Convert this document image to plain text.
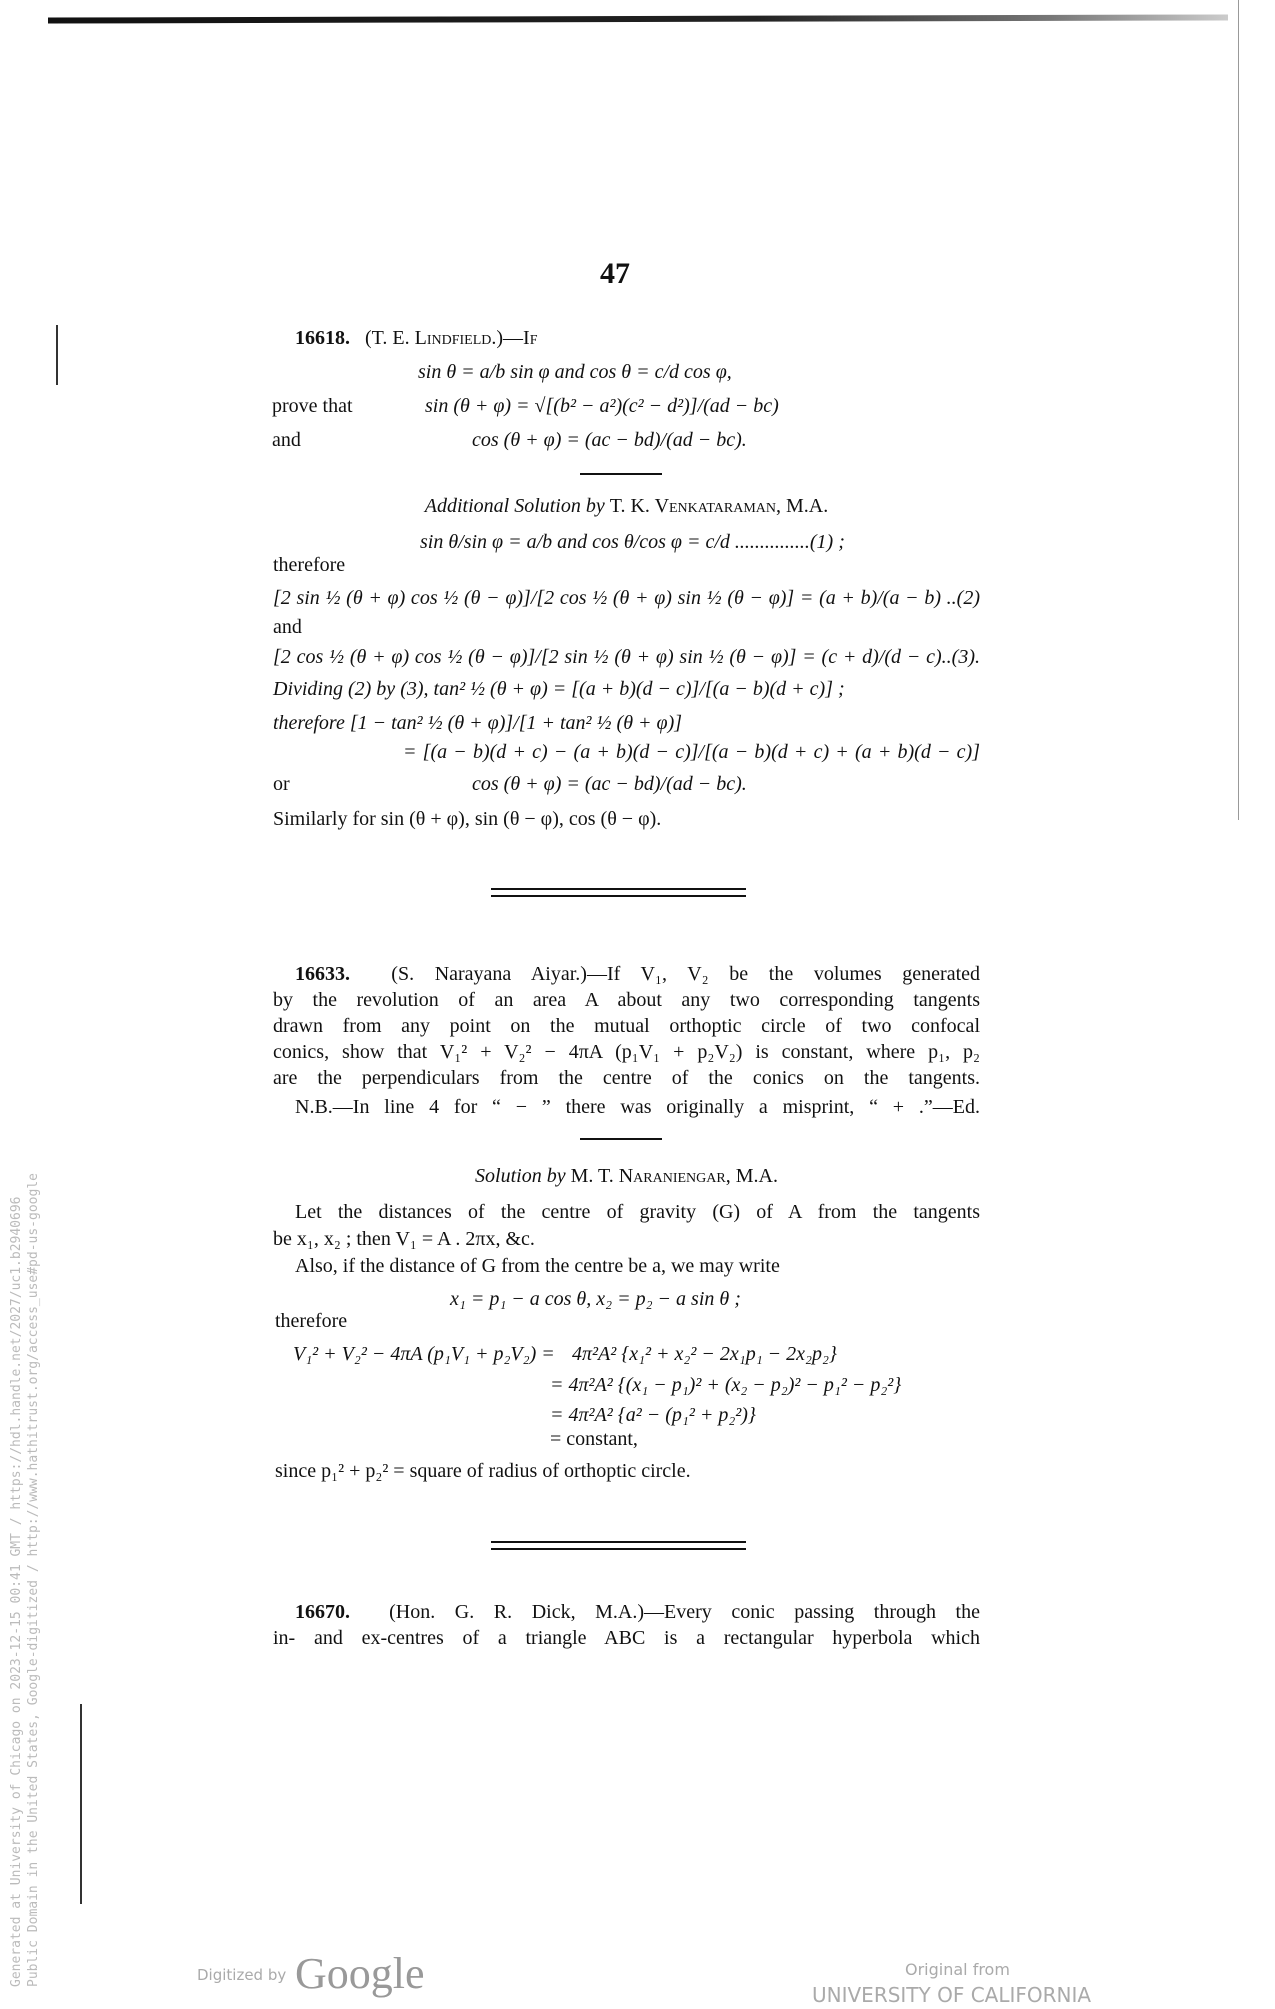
47
16618. (T. E. Lindfield.)—If
sin θ = a/b sin φ and cos θ = c/d cos φ,
prove that	sin (θ + φ) = √[(b² − a²)(c² − d²)]/(ad − bc)
and	cos (θ + φ) = (ac − bd)/(ad − bc).
Additional Solution by T. K. Venkataraman, M.A.
sin θ/sin φ = a/b and cos θ/cos φ = c/d ...............(1) ;
therefore
[2 sin ½ (θ + φ) cos ½ (θ − φ)]/[2 cos ½ (θ + φ) sin ½ (θ − φ)] = (a + b)/(a − b) ..(2)
and
[2 cos ½ (θ + φ) cos ½ (θ − φ)]/[2 sin ½ (θ + φ) sin ½ (θ − φ)] = (c + d)/(d − c)..(3).
Dividing (2) by (3), tan² ½ (θ + φ) = [(a + b)(d − c)]/[(a − b)(d + c)] ;
therefore [1 − tan² ½ (θ + φ)]/[1 + tan² ½ (θ + φ)]
= [(a − b)(d + c) − (a + b)(d − c)]/[(a − b)(d + c) + (a + b)(d − c)]
or	cos (θ + φ) = (ac − bd)/(ad − bc).
Similarly for sin (θ + φ), sin (θ − φ), cos (θ − φ).
16633. (S. Narayana Aiyar.)—If V₁, V₂ be the volumes generated
by the revolution of an area A about any two corresponding tangents
drawn from any point on the mutual orthoptic circle of two confocal
conics, show that V₁² + V₂² − 4πA (p₁V₁ + p₂V₂) is constant, where p₁, p₂
are the perpendiculars from the centre of the conics on the tangents.
N.B.—In line 4 for “ − ” there was originally a misprint, “ + .”—Ed.
Solution by M. T. Naraniengar, M.A.
Let the distances of the centre of gravity (G) of A from the tangents
be x₁, x₂ ; then V₁ = A . 2πx, &c.
Also, if the distance of G from the centre be a, we may write
x₁ = p₁ − a cos θ, x₂ = p₂ − a sin θ ;
therefore
V₁² + V₂² − 4πA (p₁V₁ + p₂V₂) = 4π²A² {x₁² + x₂² − 2x₁p₁ − 2x₂p₂}
= 4π²A² {(x₁ − p₁)² + (x₂ − p₂)² − p₁² − p₂²}
= 4π²A² {a² − (p₁² + p₂²)}
= constant,
since p₁² + p₂² = square of radius of orthoptic circle.
16670. (Hon. G. R. Dick, M.A.)—Every conic passing through the
in- and ex-centres of a triangle ABC is a rectangular hyperbola which
Generated at University of Chicago on 2023-12-15 00:41 GMT / https://hdl.handle.net/2027/uc1.b2940696 Public Domain in the United States, Google-digitized / http://www.hathitrust.org/access_use#pd-us-google	Digitized by Google	Original from
UNIVERSITY OF CALIFORNIA
